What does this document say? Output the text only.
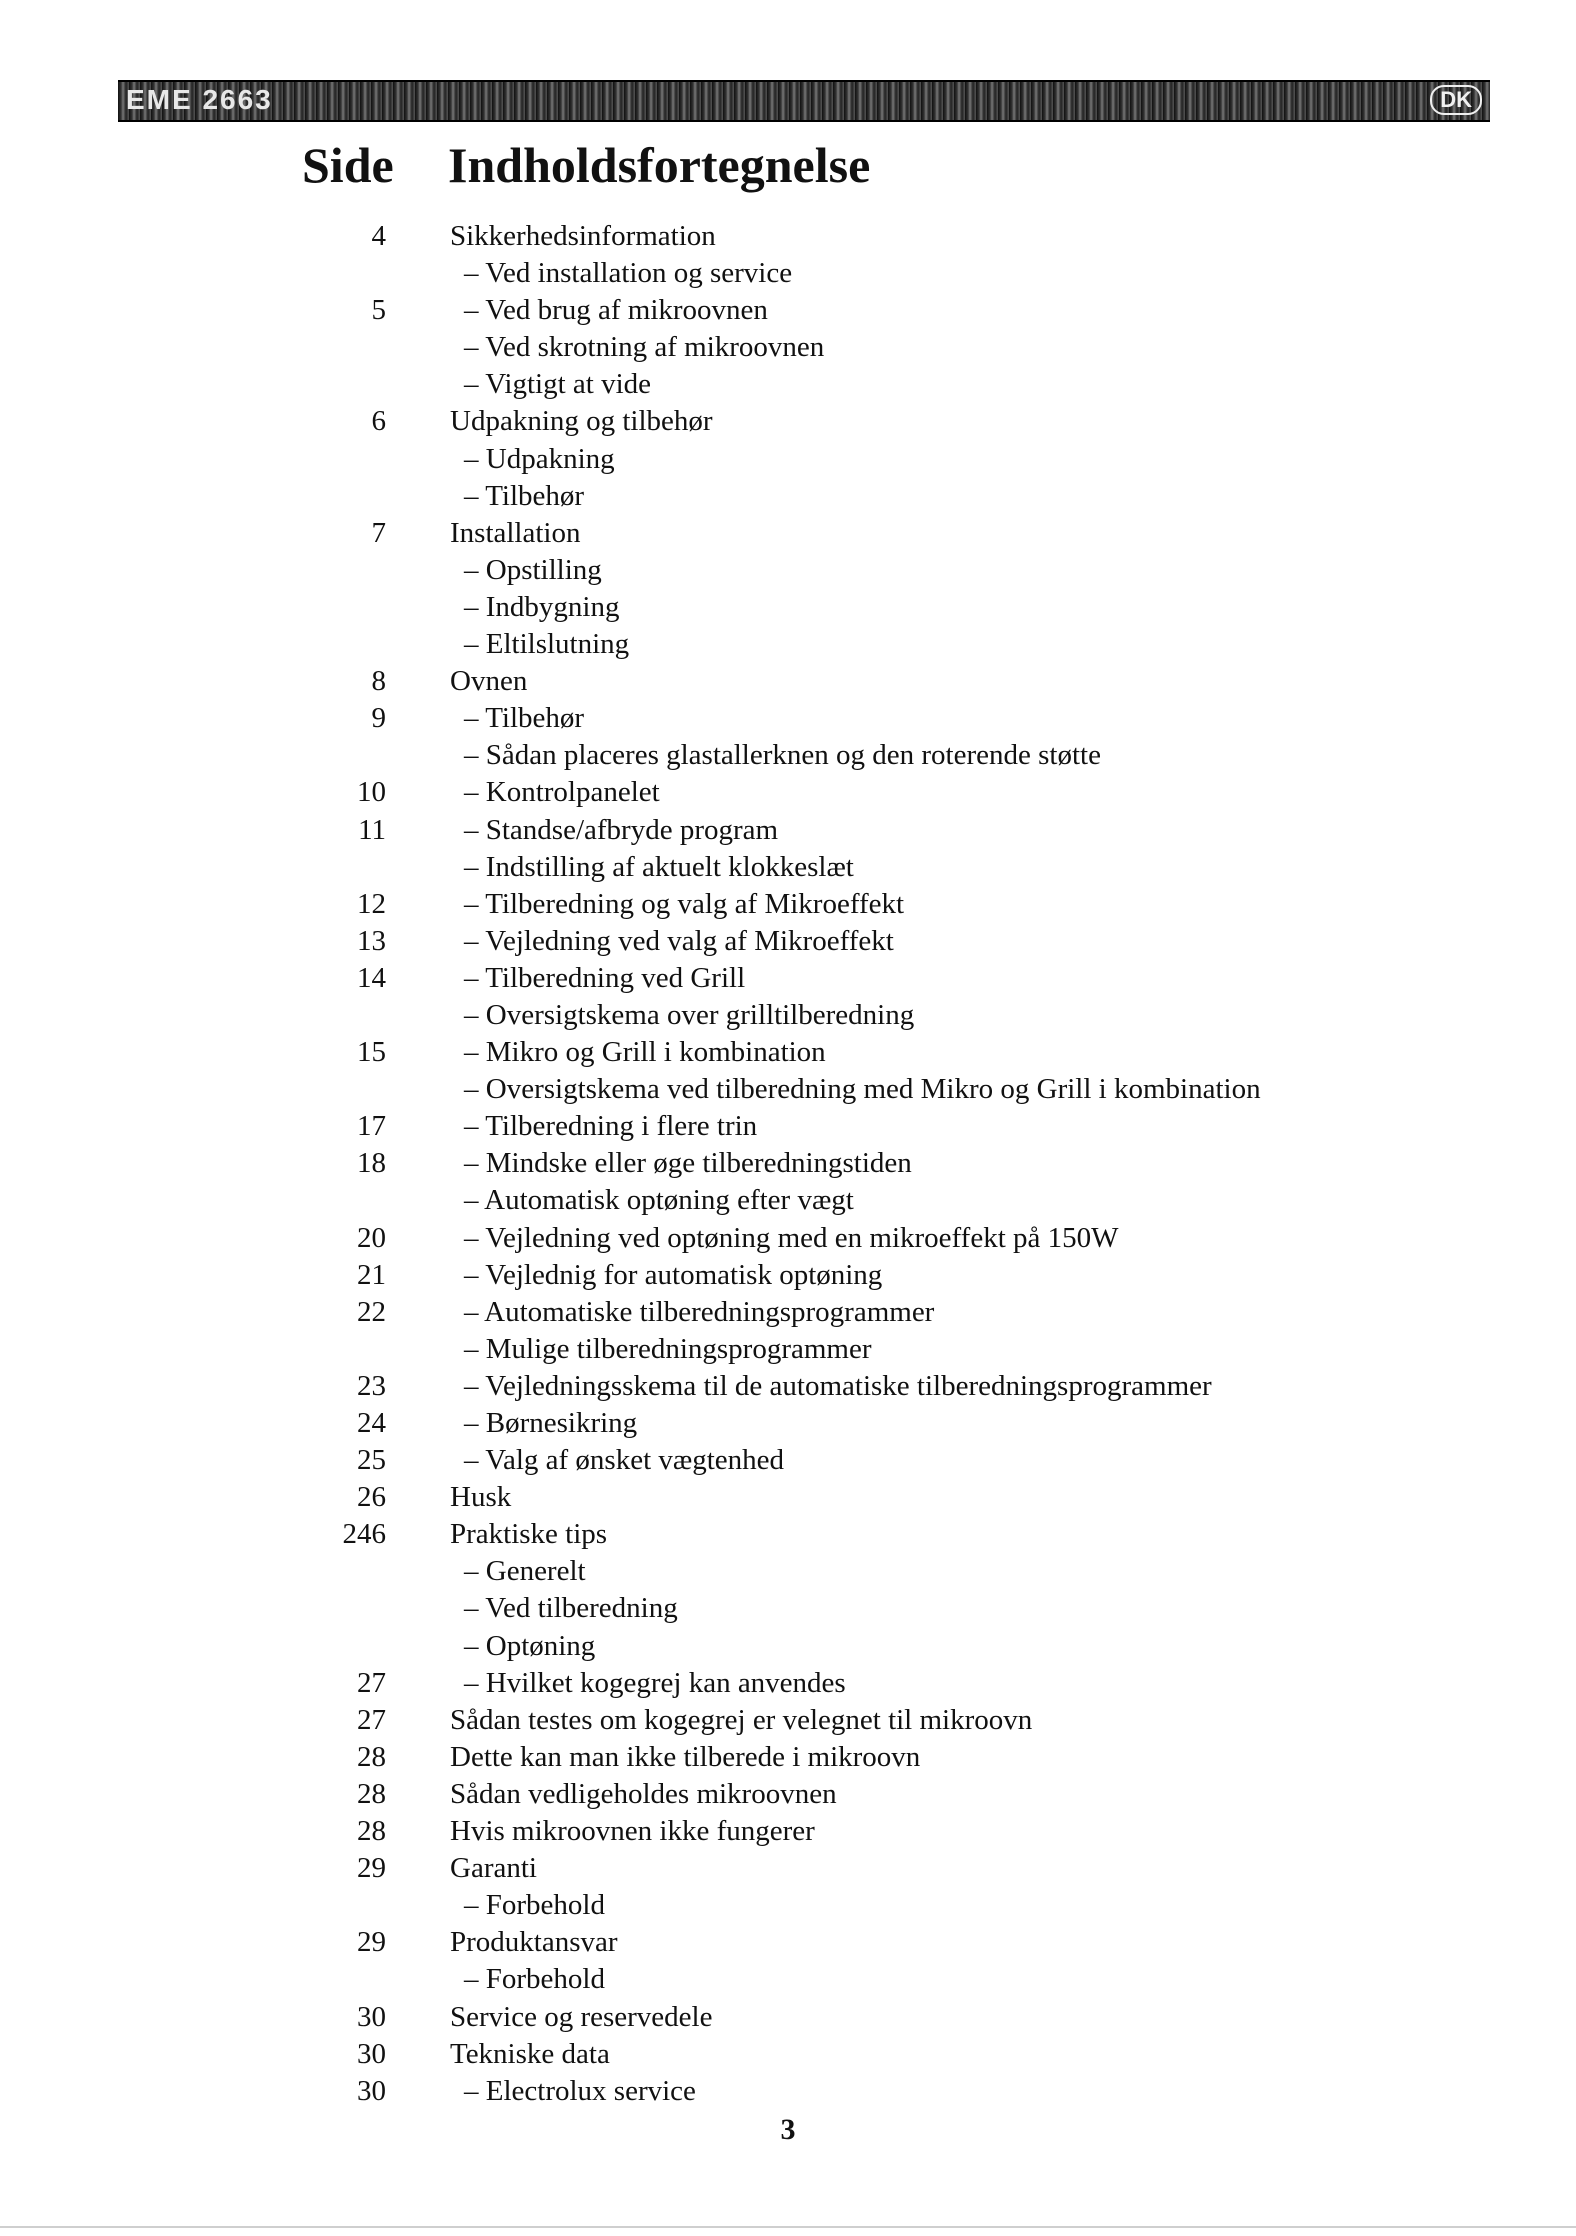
EME 2663	DK
Side Indholdsfortegnelse
4 Sikkerhedsinformation
– Ved installation og service
5	– Ved brug af mikroovnen
– Ved skrotning af mikroovnen
– Vigtigt at vide
6 Udpakning og tilbehør
– Udpakning
– Tilbehør
7 Installation
– Opstilling
– Indbygning
– Eltilslutning
8 Ovnen
9	– Tilbehør
– Sådan placeres glastallerknen og den roterende støtte
10	– Kontrolpanelet
11	– Standse/afbryde program
– Indstilling af aktuelt klokkeslæt
12	– Tilberedning og valg af Mikroeffekt
13	– Vejledning ved valg af Mikroeffekt
14	– Tilberedning ved Grill
– Oversigtskema over grilltilberedning
15	– Mikro og Grill i kombination
– Oversigtskema ved tilberedning med Mikro og Grill i kombination
17	– Tilberedning i flere trin
18	– Mindske eller øge tilberedningstiden
– Automatisk optøning efter vægt
20	– Vejledning ved optøning med en mikroeffekt på 150W
21	– Vejlednig for automatisk optøning
22	– Automatiske tilberedningsprogrammer
– Mulige tilberedningsprogrammer
23	– Vejledningsskema til de automatiske tilberedningsprogrammer
24	– Børnesikring
25	– Valg af ønsket vægtenhed
26 Husk
246 Praktiske tips
– Generelt
– Ved tilberedning
– Optøning
27	– Hvilket kogegrej kan anvendes
27 Sådan testes om kogegrej er velegnet til mikroovn
28 Dette kan man ikke tilberede i mikroovn
28 Sådan vedligeholdes mikroovnen
28 Hvis mikroovnen ikke fungerer
29 Garanti
– Forbehold
29 Produktansvar
– Forbehold
30 Service og reservedele
30 Tekniske data
30	– Electrolux service
3
